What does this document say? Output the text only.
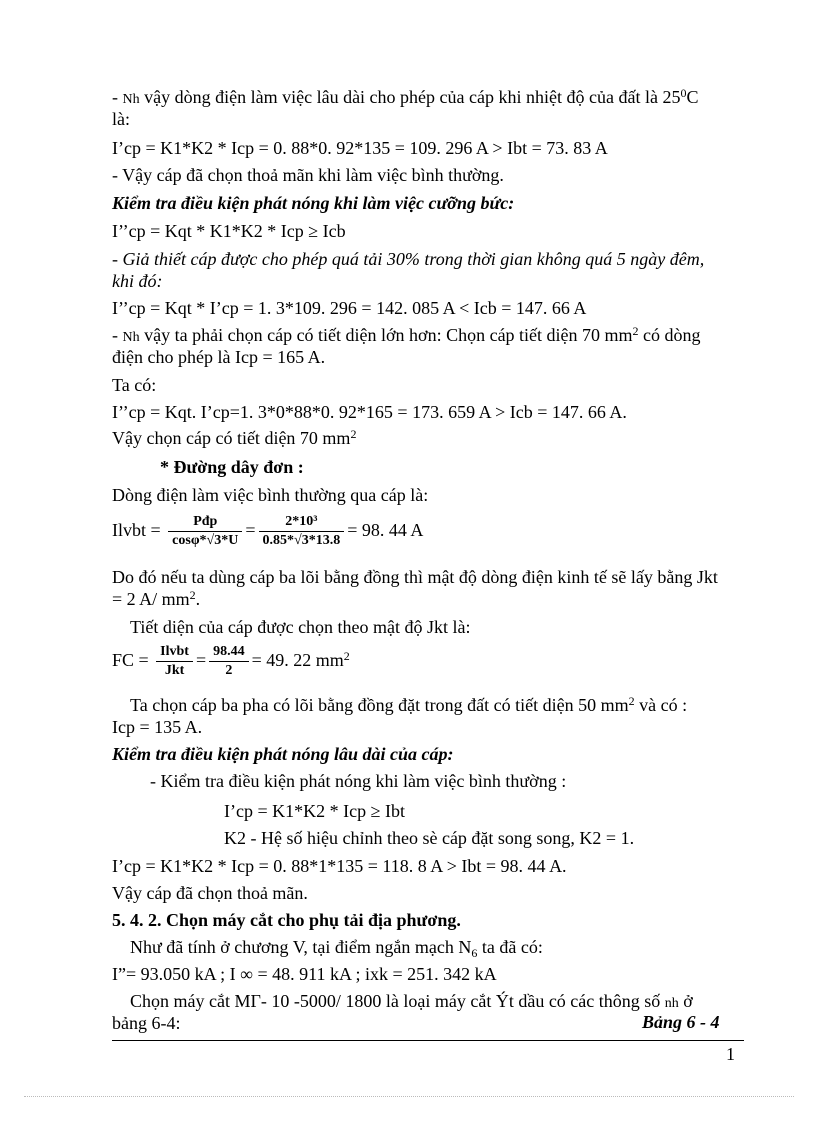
- Nh vậy dòng điện làm việc lâu dài cho phép của cáp khi nhiệt độ của đất là $25^0C$
là:
I’cp = K1*K2 * Icp = 0. 88*0. 92*135 = 109. 296 A > Ibt = 73. 83 A
- Vậy cáp đã chọn thoả mãn khi làm việc bình thường.
Kiểm tra điều kiện phát nóng khi làm việc cưỡng bức:
I’’cp = Kqt * K1*K2 * Icp ≥ Icb
- Giả thiết cáp được cho phép quá tải 30% trong thời gian không quá 5 ngày đêm,
khi đó:
I’’cp = Kqt * I’cp = 1. 3*109. 296 = 142. 085 A < Icb = 147. 66 A
- Nh vậy ta phải chọn cáp có tiết diện lớn hơn: Chọn cáp tiết diện 70 $mm^2$ có dòng
điện cho phép là Icp = 165 A.
Ta có:
I’’cp = Kqt. I’cp=1. 3*0*88*0. 92*165 = 173. 659 A > Icb = 147. 66 A.
Vậy chọn cáp có tiết diện 70 $mm^2$
* Đường dây đơn :
Dòng điện làm việc bình thường qua cáp là:
Ilvbt = $\frac{\text{Pđp}}{\cos\varphi*√3*U} = \frac{\text{2*10³}}{0.85*√3*13.8} = 98$. 44 A
Do đó nếu ta dùng cáp ba lõi bằng đồng thì mật độ dòng điện kinh tế sẽ lấy bằng Jkt
= 2 A/ $mm^2$.
Tiết diện của cáp được chọn theo mật độ Jkt là:
FC = $\frac{\text{Ilvbt}}{\text{Jkt}} = \frac{98.44}{2} = 49$. 22 $mm^2$
Ta chọn cáp ba pha có lõi bằng đồng đặt trong đất có tiết diện 50 $mm^2$ và có :
Icp = 135 A.
Kiểm tra điều kiện phát nóng lâu dài của cáp:
- Kiểm tra điều kiện phát nóng khi làm việc bình thường :
I’cp = K1*K2 * Icp ≥ Ibt
K2 - Hệ số hiệu chỉnh theo sè cáp đặt song song, K2 = 1.
I’cp = K1*K2 * Icp = 0. 88*1*135 = 118. 8 A > Ibt = 98. 44 A.
Vậy cáp đã chọn thoả mãn.
5. 4. 2. Chọn máy cắt cho phụ tải địa phương.
Như đã tính ở chương V, tại điểm ngắn mạch $N_6$ ta đã có:
I”= 93.050 kA ; I ∞ = 48. 911 kA ; ixk = 251. 342 kA
Chọn máy cắt MΓ- 10 -5000/ 1800 là loại máy cắt Ýt dầu có các thông số nh ở
bảng 6-4:	Bảng 6 - 4
1
